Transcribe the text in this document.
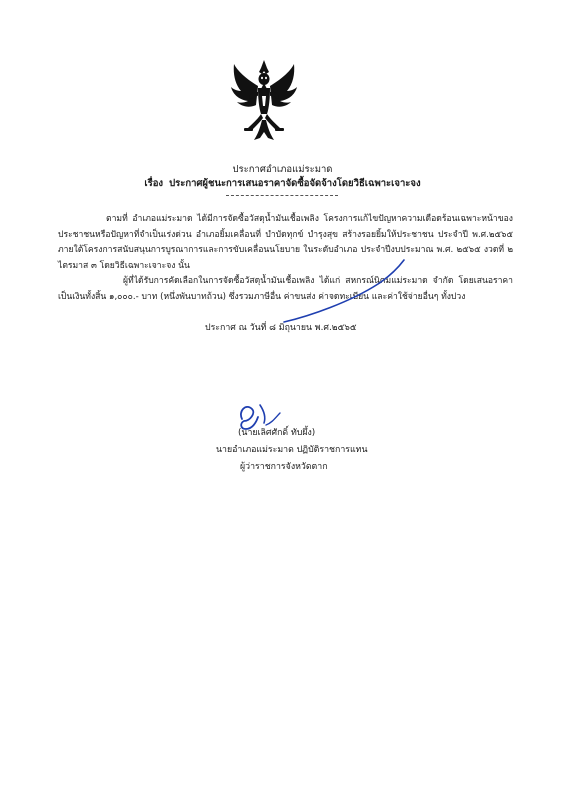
ประกาศอำเภอแม่ระมาด
เรื่อง ประกาศผู้ชนะการเสนอราคาจัดซื้อจัดจ้างโดยวิธีเฉพาะเจาะจง
ตามที่ อำเภอแม่ระมาด ได้มีการจัดซื้อวัสดุน้ำมันเชื้อเพลิง โครงการแก้ไขปัญหาความเดือดร้อนเฉพาะหน้าของประชาชนหรือปัญหาที่จำเป็นเร่งด่วน อำเภอยิ้มเคลื่อนที่ บำบัดทุกข์ บำรุงสุข สร้างรอยยิ้มให้ประชาชน ประจำปี พ.ศ.๒๕๖๕ ภายใต้โครงการสนับสนุนการบูรณาการและการขับเคลื่อนนโยบาย ในระดับอำเภอ ประจำปีงบประมาณ พ.ศ. ๒๕๖๕ งวดที่ ๒ ไตรมาส ๓ โดยวิธีเฉพาะเจาะจง นั้น
ผู้ที่ได้รับการคัดเลือกในการจัดซื้อวัสดุน้ำมันเชื้อเพลิง ได้แก่ สหกรณ์นิคมแม่ระมาด จำกัด โดยเสนอราคา เป็นเงินทั้งสิ้น ๑,๐๐๐.- บาท (หนึ่งพันบาทถ้วน) ซึ่งรวมภาษีอื่น ค่าขนส่ง ค่าจดทะเบียน และค่าใช้จ่ายอื่นๆ ทั้งปวง
ประกาศ ณ วันที่ ๘ มิถุนายน พ.ศ.๒๕๖๕
(นายเลิศศักดิ์ ทับผึ้ง)
นายอำเภอแม่ระมาด ปฏิบัติราชการแทน
ผู้ว่าราชการจังหวัดตาก
